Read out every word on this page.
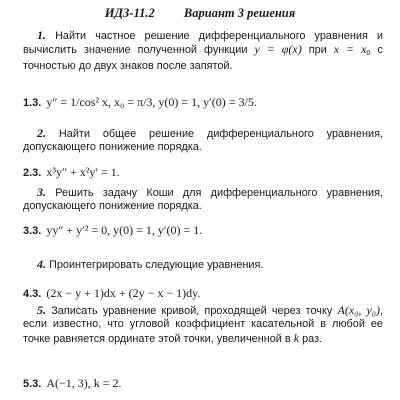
ИДЗ-11.2 Вариант 3 решения
1. Найти частное решение дифференциального уравнения и вычислить значение полученной функции y = φ(x) при $x = x_0$ с точностью до двух знаков после запятой.
1.3. y″ = 1/cos² x, x₀ = π/3, y(0) = 1, y′(0) = 3/5.
2. Найти общее решение дифференциального уравнения, допускающего понижение порядка.
2.3. x³y″ + x²y′ = 1.
3. Решить задачу Коши для дифференциального уравнения, допускающего понижение порядка.
3.3. yy″ + y′² = 0, y(0) = 1, y′(0) = 1.
4. Проинтегрировать следующие уравнения.
4.3. (2x − y + 1)dx + (2y − x − 1)dy.
5. Записать уравнение кривой, проходящей через точку A(x₀, y₀), если известно, что угловой коэффициент касательной в любой ее точке равняется ординате этой точки, увеличенной в k раз.
5.3. A(−1, 3), k = 2.
